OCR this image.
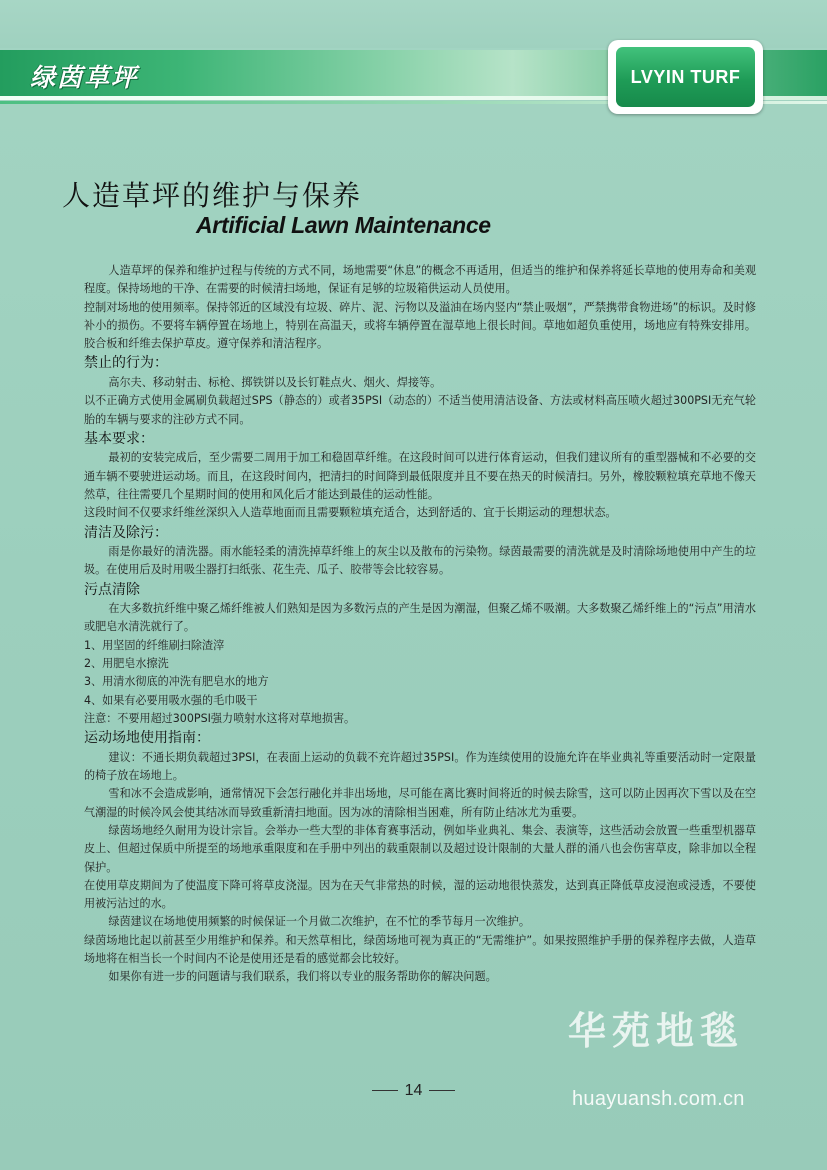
绿茵草坪	LVYIN TURF
人造草坪的维护与保养
Artificial Lawn Maintenance

人造草坪的保养和维护过程与传统的方式不同，场地需要“休息”的概念不再适用，但适当的维护和保养将延长草地的使用寿命和美观程度。保持场地的干净、在需要的时候清扫场地，保证有足够的垃圾箱供运动人员使用。

控制对场地的使用频率。保持邻近的区域没有垃圾、碎片、泥、污物以及溢油在场内竖内“禁止吸烟”，严禁携带食物进场”的标识。及时修补小的损伤。不要将车辆停置在场地上，特别在高温天，或将车辆停置在湿草地上很长时间。草地如超负重使用，场地应有特殊安排用。胶合板和纤维去保护草皮。遵守保养和清洁程序。

禁止的行为：

高尔夫、移动射击、标枪、掷铁饼以及长钉鞋点火、烟火、焊接等。

以不正确方式使用金属刷负载超过SPS（静态的）或者35PSI（动态的）不适当使用清洁设备、方法或材料高压喷火超过300PSI无充气轮胎的车辆与要求的注砂方式不同。

基本要求：

最初的安装完成后，至少需要二周用于加工和稳固草纤维。在这段时间可以进行体育运动，但我们建议所有的重型器械和不必要的交通车辆不要驶进运动场。而且，在这段时间内，把清扫的时间降到最低限度并且不要在热天的时候清扫。另外，橡胶颗粒填充草地不像天然草，往往需要几个星期时间的使用和风化后才能达到最佳的运动性能。

这段时间不仅要求纤维丝深织入人造草地面而且需要颗粒填充适合，达到舒适的、宜于长期运动的理想状态。

清洁及除污：

雨是你最好的清洗器。雨水能轻柔的清洗掉草纤维上的灰尘以及散布的污染物。绿茵最需要的清洗就是及时清除场地使用中产生的垃圾。在使用后及时用吸尘器打扫纸张、花生壳、瓜子、胶带等会比较容易。

污点清除

在大多数抗纤维中聚乙烯纤维被人们熟知是因为多数污点的产生是因为潮湿，但聚乙烯不吸潮。大多数聚乙烯纤维上的“污点”用清水或肥皂水清洗就行了。

1、用坚固的纤维刷扫除渣滓

2、用肥皂水擦洗

3、用清水彻底的冲洗有肥皂水的地方

4、如果有必要用吸水强的毛巾吸干

注意：不要用超过300PSI强力喷射水这将对草地损害。

运动场地使用指南：

建议：不通长期负载超过3PSI，在表面上运动的负载不充许超过35PSI。作为连续使用的设施允许在毕业典礼等重要活动时一定限量的椅子放在场地上。

雪和冰不会造成影响，通常情况下会怎行融化并非出场地，尽可能在离比赛时间将近的时候去除雪，这可以防止因再次下雪以及在空气潮湿的时候冷风会使其结冰而导致重新清扫地面。因为冰的清除相当困难，所有防止结冰尤为重要。

绿茵场地经久耐用为设计宗旨。会举办一些大型的非体育赛事活动，例如毕业典礼、集会、表演等，这些活动会放置一些重型机器草皮上、但超过保质中所提至的场地承重限度和在手册中列出的载重限制以及超过设计限制的大量人群的涌八也会伤害草皮，除非加以全程保护。

在使用草皮期间为了使温度下降可将草皮浇湿。因为在天气非常热的时候，湿的运动地很快蒸发，达到真正降低草皮浸泡或浸透，不要使用被污沾过的水。

绿茵建议在场地使用频繁的时候保证一个月做二次维护，在不忙的季节每月一次维护。

绿茵场地比起以前甚至少用维护和保养。和天然草相比，绿茵场地可视为真正的“无需维护”。如果按照维护手册的保养程序去做，人造草场地将在相当长一个时间内不论是使用还是看的感觉都会比较好。

如果你有进一步的问题请与我们联系，我们将以专业的服务帮助你的解决问题。

华苑地毯
14	huayuansh.com.cn
